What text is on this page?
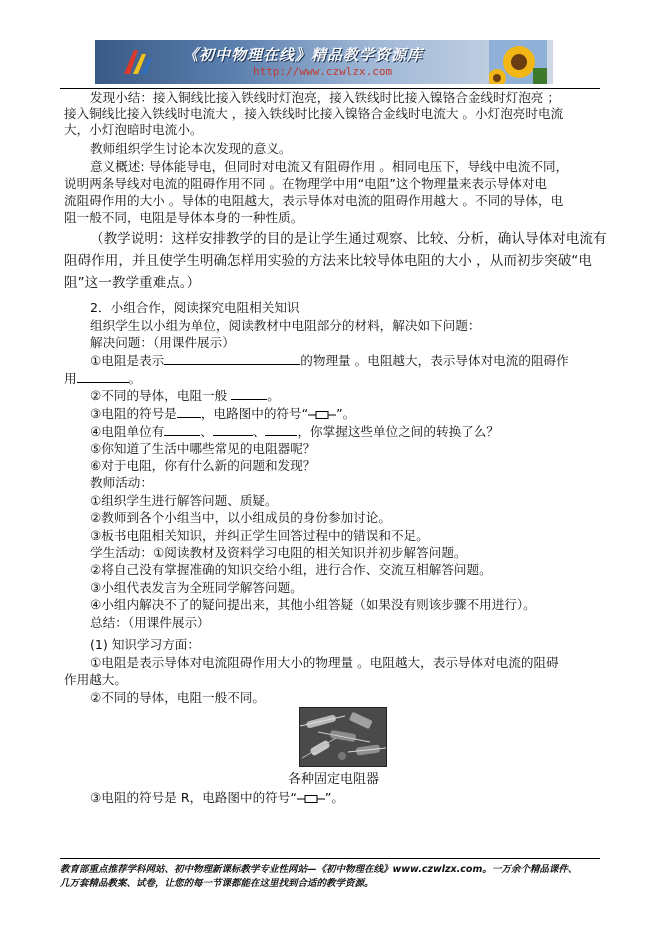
《初中物理在线》精品教学资源库
http://www.czwlzx.com
发现小结：接入铜线比接入铁线时灯泡亮，接入铁线时比接入镍铬合金线时灯泡亮 ；
接入铜线比接入铁线时电流大 ，接入铁线时比接入镍铬合金线时电流大 。小灯泡亮时电流
大，小灯泡暗时电流小。
教师组织学生讨论本次发现的意义。
意义概述: 导体能导电，但同时对电流又有阻碍作用 。相同电压下，导线中电流不同，
说明两条导线对电流的阻碍作用不同 。在物理学中用“电阻”这个物理量来表示导体对电
流阻碍作用的大小 。导体的电阻越大，表示导体对电流的阻碍作用越大 。不同的导体，电
阻一般不同，电阻是导体本身的一种性质。
（教学说明：这样安排教学的目的是让学生通过观察、比较、分析，确认导体对电流有
阻碍作用，并且使学生明确怎样用实验的方法来比较导体电阻的大小 ，从而初步突破“电
阻”这一教学重难点。）
2．小组合作，阅读探究电阻相关知识
组织学生以小组为单位，阅读教材中电阻部分的材料，解决如下问题：
解决问题：（用课件展示）
①电阻是表示	的物理量 。电阻越大，表示导体对电流的阻碍作
用	。
②不同的导体，电阻一般	。
③电阻的符号是 ，电路图中的符号“ ”。
④电阻单位有	、	、	，你掌握这些单位之间的转换了么？
⑤你知道了生活中哪些常见的电阻器呢？
⑥对于电阻，你有什么新的问题和发现？
教师活动：
①组织学生进行解答问题、质疑。
②教师到各个小组当中，以小组成员的身份参加讨论。
③板书电阻相关知识，并纠正学生回答过程中的错误和不足。
学生活动：①阅读教材及资料学习电阻的相关知识并初步解答问题。
②将自己没有掌握准确的知识交给小组，进行合作、交流互相解答问题。
③小组代表发言为全班同学解答问题。
④小组内解决不了的疑问提出来，其他小组答疑（如果没有则该步骤不用进行）。
总结：（用课件展示）
(1) 知识学习方面：
①电阻是表示导体对电流阻碍作用大小的物理量 。电阻越大，表示导体对电流的阻碍
作用越大。
②不同的导体，电阻一般不同。
各种固定电阻器
③电阻的符号是 R，电路图中的符号“ ”。
教育部重点推荐学科网站、初中物理新课标教学专业性网站—《初中物理在线》www.czwlzx.com。一万余个精品课件、
几万套精品教案、试卷，让您的每一节课都能在这里找到合适的教学资源。
